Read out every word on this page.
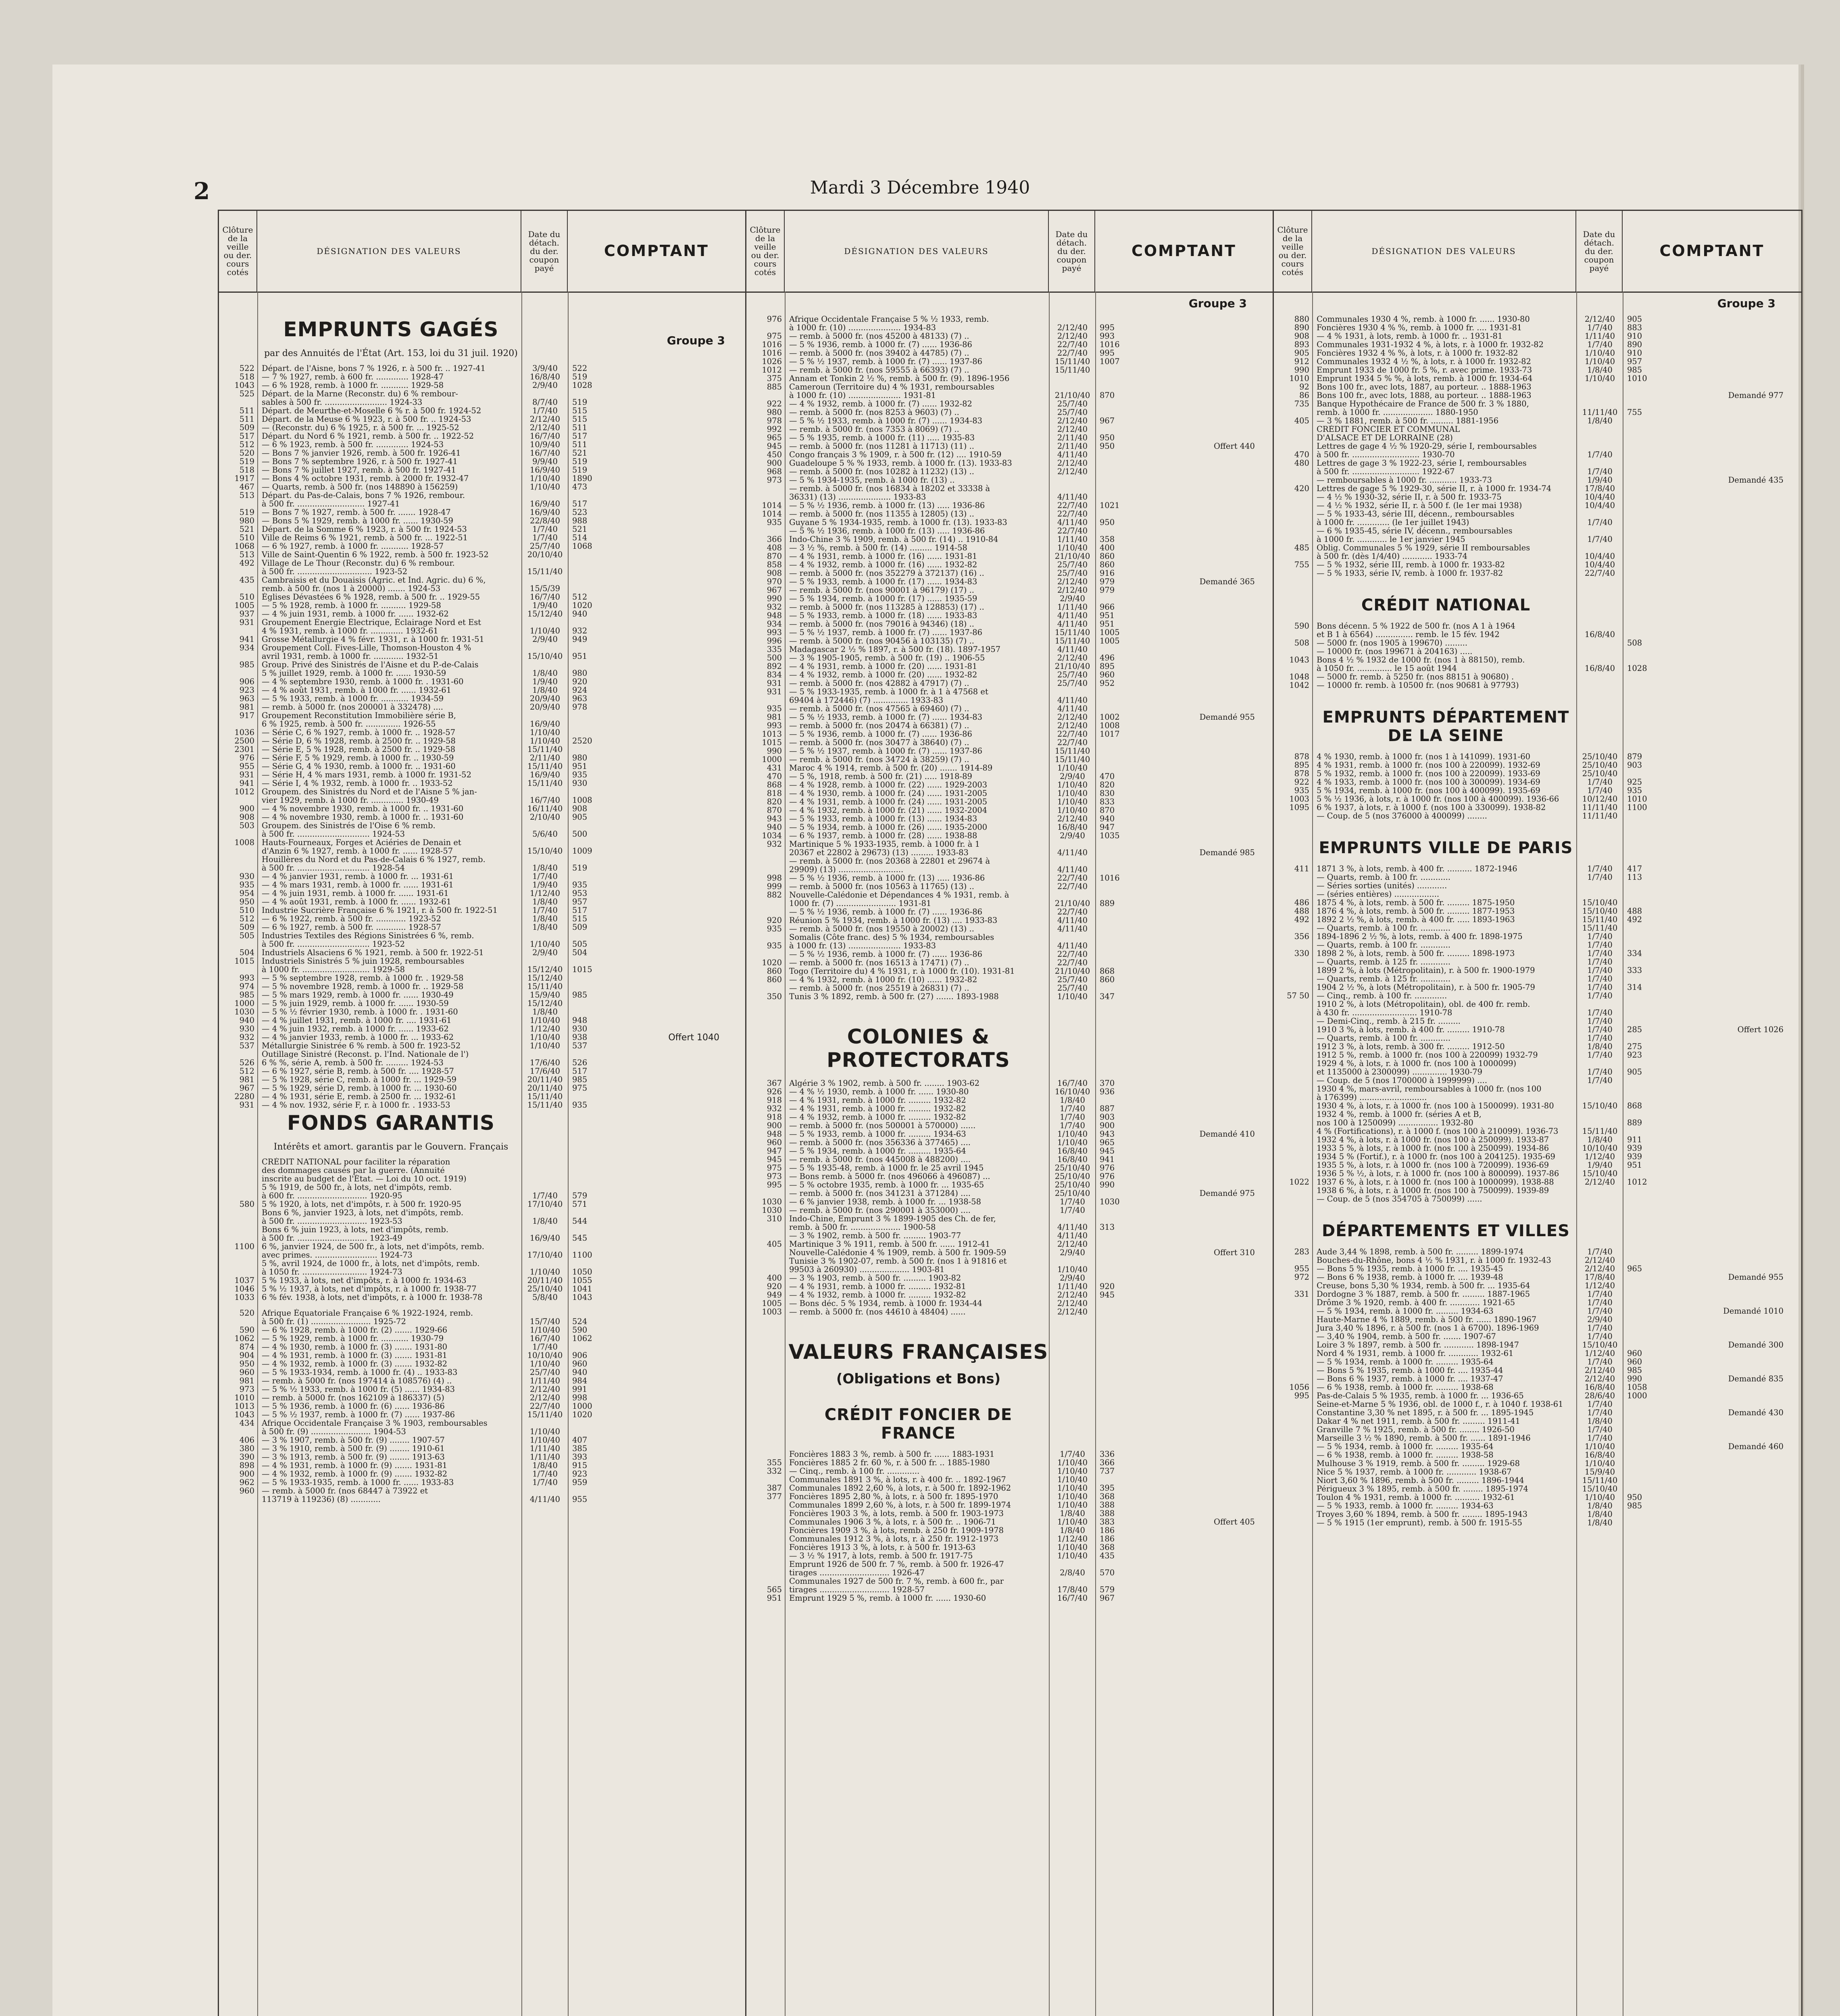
2	Mardi 3 Décembre 1940
Clôture de la veille ou der. cours cotés
DÉSIGNATION DES VALEURS
Date du détach. du der. coupon payé
COMPTANT
EMPRUNTS GAGÉS
par des Annuités de l'État (Art. 153, loi du 31 juil. 1920)
Groupe 3
522 Départ. de l'Aisne, bons 7 % 1926, r. à 500 fr. .. 1927-41	3/9/40	522
518 — 7 % 1927, remb. à 600 fr. ............. 1928-47	16/8/40	519
1043 — 6 % 1928, remb. à 1000 fr. ........... 1929-58	2/9/40	1028
525 Départ. de la Marne (Reconstr. du) 6 % rembour-
sables à 500 fr. ......................... 1924-33	8/7/40	519
511 Départ. de Meurthe-et-Moselle 6 % r. à 500 fr. 1924-52	1/7/40	515
511 Départ. de la Meuse 6 % 1923, r. à 500 fr. .. 1924-53	2/12/40	515
509 — (Reconstr. du) 6 % 1925, r. à 500 fr. ... 1925-52	2/12/40	511
517 Départ. du Nord 6 % 1921, remb. à 500 fr. .. 1922-52	16/7/40	517
512 — 6 % 1923, remb. à 500 fr. ............. 1924-53	10/9/40	511
520 — Bons 7 % janvier 1926, remb. à 500 fr. 1926-41	16/7/40	521
519 — Bons 7 % septembre 1926, r. à 500 fr. 1927-41	9/9/40	519
518 — Bons 7 % juillet 1927, remb. à 500 fr. 1927-41	16/9/40	519
1917 — Bons 4 % octobre 1931, remb. à 2000 fr. 1932-47	1/10/40	1890
467 — Quarts, remb. à 500 fr. (nos 148890 à 156259)	1/10/40	473
513 Départ. du Pas-de-Calais, bons 7 % 1926, rembour.
à 500 fr. ........................... 1927-41	16/9/40	517
519 — Bons 7 % 1927, remb. à 500 fr. ....... 1928-47	16/9/40	523
980 — Bons 5 % 1929, remb. à 1000 fr. ...... 1930-59	22/8/40	988
521 Départ. de la Somme 6 % 1923, r. à 500 fr. 1924-53	1/7/40	521
510 Ville de Reims 6 % 1921, remb. à 500 fr. ... 1922-51	1/7/40	514
1068 — 6 % 1927, remb. à 1000 fr. ........... 1928-57	25/7/40	1068
513 Ville de Saint-Quentin 6 % 1922, remb. à 500 fr. 1923-52	20/10/40
492 Village de Le Thour (Reconstr. du) 6 % rembour.
à 500 fr. .............................. 1923-52	15/11/40
435 Cambraisis et du Douaisis (Agric. et Ind. Agric. du) 6 %,
remb. à 500 fr. (nos 1 à 20000) ....... 1924-53	15/5/39
510 Églises Dévastées 6 % 1928, remb. à 500 fr. .. 1929-55	16/7/40	512
1005 — 5 % 1928, remb. à 1000 fr. .......... 1929-58	1/9/40	1020
937 — 4 % juin 1931, remb. à 1000 fr. ...... 1932-62	15/12/40	940
931 Groupement Énergie Électrique, Éclairage Nord et Est
4 % 1931, remb. à 1000 fr. ............. 1932-61	1/10/40	932
941 Grosse Métallurgie 4 % févr. 1931, r. à 1000 fr. 1931-51	2/9/40	949
934 Groupement Coll. Fives-Lille, Thomson-Houston 4 %
avril 1931, remb. à 1000 fr. ............ 1932-51	15/10/40	951
985 Group. Privé des Sinistrés de l'Aisne et du P.-de-Calais
5 % juillet 1929, remb. à 1000 fr. ...... 1930-59	1/8/40	980
906 — 4 % septembre 1930, remb. à 1000 fr. . 1931-60	1/9/40	920
923 — 4 % août 1931, remb. à 1000 fr. ...... 1932-61	1/8/40	924
963 — 5 % 1933, remb. à 1000 fr. ........... 1934-59	20/9/40	963
981 — remb. à 5000 fr. (nos 200001 à 332478) ....	20/9/40	978
917 Groupement Reconstitution Immobilière série B,
6 % 1925, remb. à 500 fr. .............. 1926-55	16/9/40
1036 — Série C, 6 % 1927, remb. à 1000 fr. .. 1928-57	1/10/40
2500 — Série D, 6 % 1928, remb. à 2500 fr. .. 1929-58	1/10/40	2520
2301 — Série E, 5 % 1928, remb. à 2500 fr. .. 1929-58	15/11/40
976 — Série F, 5 % 1929, remb. à 1000 fr. .. 1930-59	2/11/40	980
955 — Série G, 4 % 1930, remb. à 1000 fr. .. 1931-60	15/11/40	951
931 — Série H, 4 % mars 1931, remb. à 1000 fr. 1931-52	16/9/40	935
941 — Série I, 4 % 1932, remb. à 1000 fr. .. 1933-52	15/11/40	930
1012 Groupem. des Sinistrés du Nord et de l'Aisne 5 % jan-
vier 1929, remb. à 1000 fr. ............. 1930-49	16/7/40	1008
900 — 4 % novembre 1930, remb. à 1000 fr. .. 1931-60	16/11/40	908
908 — 4 % novembre 1930, remb. à 1000 fr. .. 1931-60	2/10/40	905
503 Groupem. des Sinistrés de l'Oise 6 % remb.
à 500 fr. ............................. 1924-53	5/6/40	500
1008 Hauts-Fourneaux, Forges et Aciéries de Denain et
d'Anzin 6 % 1927, remb. à 1000 fr. ...... 1928-57	15/10/40	1009
Houillères du Nord et du Pas-de-Calais 6 % 1927, remb.
à 500 fr. ............................. 1928-54	1/8/40	519
930 — 4 % janvier 1931, remb. à 1000 fr. ... 1931-61	1/7/40
935 — 4 % mars 1931, remb. à 1000 fr. ...... 1931-61	1/9/40	935
954 — 4 % juin 1931, remb. à 1000 fr. ...... 1931-61	1/12/40	953
950 — 4 % août 1931, remb. à 1000 fr. ...... 1932-61	1/8/40	957
510 Industrie Sucrière Française 6 % 1921, r. à 500 fr. 1922-51	1/7/40	517
512 — 6 % 1922, remb. à 500 fr. ............ 1923-52	1/8/40	515
509 — 6 % 1927, remb. à 500 fr. ............ 1928-57	1/8/40	509
505 Industries Textiles des Régions Sinistrées 6 %, remb.
à 500 fr. ............................. 1923-52	1/10/40	505
504 Industriels Alsaciens 6 % 1921, remb. à 500 fr. 1922-51	2/9/40	504
1015 Industriels Sinistrés 5 % juin 1928, remboursables
à 1000 fr. ........................... 1929-58	15/12/40	1015
993 — 5 % septembre 1928, remb. à 1000 fr. . 1929-58	15/12/40
974 — 5 % novembre 1928, remb. à 1000 fr. .. 1929-58	15/11/40
985 — 5 % mars 1929, remb. à 1000 fr. ...... 1930-49	15/9/40	985
1000 — 5 % juin 1929, remb. à 1000 fr. ...... 1930-59	15/12/40
1030 — 5 % ½ février 1930, remb. à 1000 fr. . 1931-60	1/8/40
940 — 4 % juillet 1931, remb. à 1000 fr. .... 1931-61	1/10/40	948
930 — 4 % juin 1932, remb. à 1000 fr. ...... 1933-62	1/12/40	930
932 — 4 % janvier 1933, remb. à 1000 fr. ... 1933-62	1/10/40	938
537 Métallurgie Sinistrée 6 % remb. à 500 fr. 1923-52	1/10/40	537
Outillage Sinistré (Reconst. p. l'Ind. Nationale de l')
526 6 % %, série A, remb. à 500 fr. ......... 1924-53	17/6/40	526
512 — 6 % 1927, série B, remb. à 500 fr. .... 1928-57	17/6/40	517
981 — 5 % 1928, série C, remb. à 1000 fr. ... 1929-59	20/11/40	985
967 — 5 % 1929, série D, remb. à 1000 fr. ... 1930-60	20/11/40	975
2280 — 4 % 1931, série E, remb. à 2500 fr. ... 1932-61	15/11/40
931 — 4 % nov. 1932, série F, r. à 1000 fr. . 1933-53	15/11/40	935
Offert 1040
FONDS GARANTIS
Intérêts et amort. garantis par le Gouvern. Français
CRÉDIT NATIONAL pour faciliter la réparation
des dommages causés par la guerre. (Annuité
inscrite au budget de l'État. — Loi du 10 oct. 1919)
5 % 1919, de 500 fr., à lots, net d'impôts, remb.
à 600 fr. ............................ 1920-95	1/7/40	579
580 5 % 1920, à lots, net d'impôts, r. à 500 fr. 1920-95	17/10/40	571
Bons 6 %, janvier 1923, à lots, net d'impôts, remb.
à 500 fr. ............................ 1923-53	1/8/40	544
Bons 6 % juin 1923, à lots, net d'impôts, remb.
à 500 fr. ............................ 1923-49	16/9/40	545
1100 6 %, janvier 1924, de 500 fr., à lots, net d'impôts, remb.
avec primes. ......................... 1924-73	17/10/40	1100
5 %, avril 1924, de 1000 fr., à lots, net d'impôts, remb.
à 1050 fr. .......................... 1924-73	1/10/40	1050
1037 5 % 1933, à lots, net d'impôts, r. à 1000 fr. 1934-63	20/11/40	1055
1046 5 % ½ 1937, à lots, net d'impôts, r. à 1000 fr. 1938-77	25/10/40	1041
1033 6 % fév. 1938, à lots, net d'impôts, r. à 1000 fr. 1938-78	5/8/40	1043
520 Afrique Équatoriale Française 6 % 1922-1924, remb.
à 500 fr. (1) ........................ 1925-72	15/7/40	524
590 — 6 % 1928, remb. à 1000 fr. (2) ....... 1929-66	1/10/40	590
1062 — 5 % 1929, remb. à 1000 fr. ........... 1930-79	16/7/40	1062
874 — 4 % 1930, remb. à 1000 fr. (3) ....... 1931-80	1/7/40
904 — 4 % 1931, remb. à 1000 fr. (3) ....... 1931-81	10/10/40	906
950 — 4 % 1932, remb. à 1000 fr. (3) ....... 1932-82	1/10/40	960
960 — 5 % 1933-1934, remb. à 1000 fr. (4) .. 1933-83	25/7/40	940
981 — remb. à 5000 fr. (nos 197414 à 108576) (4) ..	1/11/40	984
973 — 5 % ½ 1933, remb. à 1000 fr. (5) ...... 1934-83	2/12/40	991
1010 — remb. à 5000 fr. (nos 162109 à 186337) (5)	2/12/40	998
1013 — 5 % 1936, remb. à 1000 fr. (6) ...... 1936-86	22/7/40	1000
1043 — 5 % ½ 1937, remb. à 1000 fr. (7) ...... 1937-86	15/11/40	1020
434 Afrique Occidentale Française 3 % 1903, remboursables
à 500 fr. (9) ........................ 1904-53	1/10/40
406 — 3 % 1907, remb. à 500 fr. (9) ........ 1907-57	1/10/40	407
380 — 3 % 1910, remb. à 500 fr. (9) ........ 1910-61	1/11/40	385
390 — 3 % 1913, remb. à 500 fr. (9) ........ 1913-63	1/11/40	393
898 — 4 % 1931, remb. à 1000 fr. (9) ....... 1931-81	1/8/40	915
900 — 4 % 1932, remb. à 1000 fr. (9) ....... 1932-82	1/7/40	923
962 — 5 % 1933-1935, remb. à 1000 fr. ...... 1933-83	1/7/40	959
960 — remb. à 5000 fr. (nos 68447 à 73922 et
113719 à 119236) (8) ............	4/11/40	955
Clôture de la veille ou der. cours cotés
DÉSIGNATION DES VALEURS
Date du détach. du der. coupon payé
COMPTANT
Groupe 3
976 Afrique Occidentale Française 5 % ½ 1933, remb.
à 1000 fr. (10) ..................... 1934-83	2/12/40	995
975 — remb. à 5000 fr. (nos 45200 à 48133) (7) ..	2/12/40	993
1016 — 5 % 1936, remb. à 1000 fr. (7) ...... 1936-86	22/7/40	1016
1016 — remb. à 5000 fr. (nos 39402 à 44785) (7) ..	22/7/40	995
1026 — 5 % ½ 1937, remb. à 1000 fr. (7) ...... 1937-86	15/11/40	1007
1012 — remb. à 5000 fr. (nos 59555 à 66393) (7) ..	15/11/40
375 Annam et Tonkin 2 ½ %, remb. à 500 fr. (9). 1896-1956
885 Cameroun (Territoire du) 4 % 1931, remboursables
à 1000 fr. (10) ..................... 1931-81	21/10/40	870
922 — 4 % 1932, remb. à 1000 fr. (7) ...... 1932-82	25/7/40
980 — remb. à 5000 fr. (nos 8253 à 9603) (7) ..	25/7/40
978 — 5 % ½ 1933, remb. à 1000 fr. (7) ...... 1934-83	2/12/40	967
992 — remb. à 5000 fr. (nos 7353 à 8069) (7) ..	2/12/40
965 — 5 % 1935, remb. à 1000 fr. (11) ..... 1935-83	2/11/40	950
945 — remb. à 5000 fr. (nos 11281 à 11713) (11) ..	2/11/40	950	Offert 440
450 Congo français 3 % 1909, r. à 500 fr. (12) .... 1910-59	4/11/40
900 Guadeloupe 5 % % 1933, remb. à 1000 fr. (13). 1933-83	2/12/40
968 — remb. à 5000 fr. (nos 10282 à 11232) (13) ..	2/12/40
973 — 5 % 1934-1935, remb. à 1000 fr. (13) ..
— remb. à 5000 fr. (nos 16834 à 18202 et 33338 à
36331) (13) ..................... 1933-83	4/11/40
1014 — 5 % ½ 1936, remb. à 1000 fr. (13) ..... 1936-86	22/7/40	1021
1014 — remb. à 5000 fr. (nos 11355 à 12805) (13) ..	22/7/40
935 Guyane 5 % 1934-1935, remb. à 1000 fr. (13). 1933-83	4/11/40	950
— 5 % ½ 1936, remb. à 1000 fr. (13) ..... 1936-86	22/7/40
366 Indo-Chine 3 % 1909, remb. à 500 fr. (14) .. 1910-84	1/11/40	358
408 — 3 ½ %, remb. à 500 fr. (14) ......... 1914-58	1/10/40	400
870 — 4 % 1931, remb. à 1000 fr. (16) ...... 1931-81	21/10/40	860
858 — 4 % 1932, remb. à 1000 fr. (16) ...... 1932-82	25/7/40	860
908 — remb. à 5000 fr. (nos 352279 à 372137) (16) ..	25/7/40	916
970 — 5 % 1933, remb. à 1000 fr. (17) ...... 1934-83	2/12/40	979	Demandé 365
967 — remb. à 5000 fr. (nos 90001 à 96179) (17) ..	2/12/40	979
990 — 5 % 1934, remb. à 1000 fr. (17) ...... 1935-59	2/9/40
932 — remb. à 5000 fr. (nos 113285 à 128853) (17) ..	1/11/40	966
948 — 5 % 1933, remb. à 1000 fr. (18) ...... 1933-83	4/11/40	951
934 — remb. à 5000 fr. (nos 79016 à 94346) (18) ..	4/11/40	951
993 — 5 % ½ 1937, remb. à 1000 fr. (7) ...... 1937-86	15/11/40	1005
996 — remb. à 5000 fr. (nos 90456 à 103135) (7) ..	15/11/40	1005
335 Madagascar 2 ½ % 1897, r. à 500 fr. (18). 1897-1957	4/11/40
500 — 3 % 1905-1905, remb. à 500 fr. (19) .. 1906-55	2/12/40	496
892 — 4 % 1931, remb. à 1000 fr. (20) ...... 1931-81	21/10/40	895
834 — 4 % 1932, remb. à 1000 fr. (20) ...... 1932-82	25/7/40	960
931 — remb. à 5000 fr. (nos 42882 à 47917) (7) ..	25/7/40	952
931 — 5 % 1933-1935, remb. à 1000 fr. à 1 à 47568 et
69404 à 172446) (7) .............. 1933-83	4/11/40
935 — remb. à 5000 fr. (nos 47565 à 69460) (7) ..	4/11/40
981 — 5 % ½ 1933, remb. à 1000 fr. (7) ...... 1934-83	2/12/40	1002	Demandé 955
993 — remb. à 5000 fr. (nos 20474 à 66381) (7) ..	2/12/40	1008
1013 — 5 % 1936, remb. à 1000 fr. (7) ...... 1936-86	22/7/40	1017
1015 — remb. à 5000 fr. (nos 30477 à 38640) (7) ..	22/7/40
990 — 5 % ½ 1937, remb. à 1000 fr. (7) ...... 1937-86	15/11/40
1000 — remb. à 5000 fr. (nos 34724 à 38259) (7) ..	15/11/40
431 Maroc 4 % 1914, remb. à 500 fr. (20) ....... 1914-89	1/10/40
470 — 5 %, 1918, remb. à 500 fr. (21) ..... 1918-89	2/9/40	470
868 — 4 % 1928, remb. à 1000 fr. (22) ...... 1929-2003	1/10/40	820
818 — 4 % 1930, remb. à 1000 fr. (24) ...... 1931-2005	1/10/40	830
820 — 4 % 1931, remb. à 1000 fr. (24) ...... 1931-2005	1/10/40	833
870 — 4 % 1932, remb. à 1000 fr. (21) ...... 1932-2004	1/10/40	870
943 — 5 % 1933, remb. à 1000 fr. (13) ...... 1934-83	2/12/40	940
940 — 5 % 1934, remb. à 1000 fr. (26) ...... 1935-2000	16/8/40	947
1034 — 6 % 1937, remb. à 1000 fr. (28) ...... 1938-88	2/9/40	1035
932 Martinique 5 % 1933-1935, remb. à 1000 fr. à 1
20367 et 22802 à 29673) (13) ......... 1933-83	4/11/40	Demandé 985
— remb. à 5000 fr. (nos 20368 à 22801 et 29674 à
29909) (13) ..........................	4/11/40
998 — 5 % ½ 1936, remb. à 1000 fr. (13) ..... 1936-86	22/7/40	1016
999 — remb. à 5000 fr. (nos 10563 à 11765) (13) ..	22/7/40
882 Nouvelle-Calédonie et Dépendances 4 % 1931, remb. à
1000 fr. (7) ........................ 1931-81	21/10/40	889
— 5 % ½ 1936, remb. à 1000 fr. (7) ...... 1936-86	22/7/40
920 Réunion 5 % 1934, remb. à 1000 fr. (13) .... 1933-83	4/11/40
935 — remb. à 5000 fr. (nos 19550 à 20002) (13) ..	4/11/40
Somalis (Côte franc. des) 5 % 1934, remboursables
935 à 1000 fr. (13) ..................... 1933-83	4/11/40
— 5 % ½ 1936, remb. à 1000 fr. (7) ...... 1936-86	22/7/40
1020 — remb. à 5000 fr. (nos 16513 à 17471) (7) ..	22/7/40
860 Togo (Territoire du) 4 % 1931, r. à 1000 fr. (10). 1931-81	21/10/40	868
860 — 4 % 1932, remb. à 1000 fr. (10) ...... 1932-82	25/7/40	860
— remb. à 5000 fr. (nos 25519 à 26831) (7) ..	25/7/40
350 Tunis 3 % 1892, remb. à 500 fr. (27) ....... 1893-1988	1/10/40	347
COLONIES & PROTECTORATS
367 Algérie 3 % 1902, remb. à 500 fr. ........ 1903-62	16/7/40	370
926 — 4 % ½ 1930, remb. à 1000 fr. ...... 1930-80	16/10/40	936
918 — 4 % 1931, remb. à 1000 fr. ......... 1932-82	1/8/40
932 — 4 % 1931, remb. à 1000 fr. ......... 1932-82	1/7/40	887
918 — 4 % 1932, remb. à 1000 fr. ......... 1932-82	1/7/40	903
900 — remb. à 5000 fr. (nos 500001 à 570000) ......	1/7/40	900
948 — 5 % 1933, remb. à 1000 fr. ......... 1934-63	1/10/40	943	Demandé 410
960 — remb. à 5000 fr. (nos 356336 à 377465) ....	1/10/40	965
947 — 5 % 1934, remb. à 1000 fr. ......... 1935-64	16/8/40	945
945 — remb. à 5000 fr. (nos 445008 à 488200) ....	16/8/40	941
975 — 5 % 1935-48, remb. à 1000 fr. le 25 avril 1945	25/10/40	976
973 — Bons remb. à 5000 fr. (nos 496066 à 496087) ...	25/10/40	976
995 — 5 % octobre 1935, remb. à 1000 fr. ... 1935-65	25/10/40	990
— remb. à 5000 fr. (nos 341231 à 371284) ....	25/10/40	Demandé 975
1030 — 6 % janvier 1938, remb. à 1000 fr. ... 1938-58	1/7/40	1030
1030 — remb. à 5000 fr. (nos 290001 à 353000) ....	1/7/40
310 Indo-Chine, Emprunt 3 % 1899-1905 des Ch. de fer,
remb. à 500 fr. .................... 1900-58	4/11/40	313
— 3 % 1902, remb. à 500 fr. ......... 1903-77	4/11/40
405 Martinique 3 % 1911, remb. à 500 fr. ...... 1912-41	2/12/40
Nouvelle-Calédonie 4 % 1909, remb. à 500 fr. 1909-59	2/9/40	Offert 310
Tunisie 3 % 1902-07, remb. à 500 fr. (nos 1 à 91816 et
99503 à 260930) .................... 1903-81	1/10/40
400 — 3 % 1903, remb. à 500 fr. ......... 1903-82	2/9/40
920 — 4 % 1931, remb. à 1000 fr. ......... 1932-81	1/11/40	920
949 — 4 % 1932, remb. à 1000 fr. ......... 1932-82	2/12/40	945
1005 — Bons déc. 5 % 1934, remb. à 1000 fr. 1934-44	2/12/40
1003 — remb. à 5000 fr. (nos 44610 à 48404) ......	2/12/40
VALEURS FRANÇAISES
(Obligations et Bons)
CRÉDIT FONCIER DE FRANCE
Foncières 1883 3 %, remb. à 500 fr. ...... 1883-1931	1/7/40	336
355 Foncières 1885 2 fr. 60 %, r. à 500 fr. .. 1885-1980	1/10/40	366
332 — Cinq., remb. à 100 fr. .............	1/10/40	737
Communales 1891 3 %, à lots, r. à 400 fr. .. 1892-1967	1/10/40
387 Communales 1892 2,60 %, à lots, r. à 500 fr. 1892-1962	1/10/40	395
377 Foncières 1895 2,80 %, à lots, r. à 500 fr. 1895-1970	1/10/40	368
Communales 1899 2,60 %, à lots, r. à 500 fr. 1899-1974	1/10/40	388
Foncières 1903 3 %, à lots, remb. à 500 fr. 1903-1973	1/8/40	388
Communales 1906 3 %, à lots, r. à 500 fr. .. 1906-71	1/10/40	383	Offert 405
Foncières 1909 3 %, à lots, remb. à 250 fr. 1909-1978	1/8/40	186
Communales 1912 3 %, à lots, r. à 250 fr. 1912-1973	1/12/40	186
Foncières 1913 3 %, à lots, r. à 500 fr. 1913-63	1/10/40	368
— 3 ½ % 1917, à lots, remb. à 500 fr. 1917-75	1/10/40	435
Emprunt 1926 de 500 fr. 7 %, remb. à 500 fr. 1926-47
tirages ............................ 1926-47	2/8/40	570
Communales 1927 de 500 fr. 7 %, remb. à 600 fr., par
565 tirages ............................ 1928-57	17/8/40	579
951 Emprunt 1929 5 %, remb. à 1000 fr. ...... 1930-60	16/7/40	967
Clôture de la veille ou der. cours cotés
DÉSIGNATION DES VALEURS
Date du détach. du der. coupon payé
COMPTANT
Groupe 3
880 Communales 1930 4 %, remb. à 1000 fr. ...... 1930-80	2/12/40	905
890 Foncières 1930 4 % %, remb. à 1000 fr. .... 1931-81	1/7/40	883
908 — 4 % 1931, à lots, remb. à 1000 fr. .. 1931-81	1/11/40	910
893 Communales 1931-1932 4 %, à lots, r. à 1000 fr. 1932-82	1/7/40	890
905 Foncières 1932 4 % %, à lots, r. à 1000 fr. 1932-82	1/10/40	910
912 Communales 1932 4 ½ %, à lots, r. à 1000 fr. 1932-82	1/10/40	957
990 Emprunt 1933 de 1000 fr. 5 %, r. avec prime. 1933-73	1/8/40	985
1010 Emprunt 1934 5 % %, à lots, remb. à 1000 fr. 1934-64	1/10/40	1010
92 Bons 100 fr., avec lots, 1887, au porteur. .. 1888-1963
86 Bons 100 fr., avec lots, 1888, au porteur. .. 1888-1963	Demandé 977
735 Banque Hypothécaire de France de 500 fr. 3 % 1880,
remb. à 1000 fr. .................... 1880-1950	11/11/40	755
405 — 3 % 1881, remb. à 500 fr. ......... 1881-1956	1/8/40
CRÉDIT FONCIER ET COMMUNAL
D'ALSACE ET DE LORRAINE (28)
Lettres de gage 4 ½ % 1920-29, série I, remboursables
470 à 500 fr. ........................... 1930-70	1/7/40
480 Lettres de gage 3 % 1922-23, série I, remboursables
à 500 fr. ........................... 1922-67	1/7/40
— remboursables à 1000 fr. ........... 1933-73	1/9/40	Demandé 435
420 Lettres de gage 5 % 1929-30, série II, r. à 1000 fr. 1934-74	17/8/40
— 4 ½ % 1930-32, série II, r. à 500 fr. 1933-75	10/4/40
— 4 ½ % 1932, série II, r. à 500 f. (le 1er mai 1938)	10/4/40
— 5 % 1933-43, série III, décenn., remboursables
à 1000 fr. ............. (le 1er juillet 1943)	1/7/40
— 6 % 1935-45, série IV, décenn., remboursables
à 1000 fr. ............ le 1er janvier 1945	1/7/40
485 Oblig. Communales 5 % 1929, série II remboursables
à 500 fr. (dès 1/4/40) ............ 1933-74	10/4/40
755 — 5 % 1932, série III, remb. à 1000 fr. 1933-82	10/4/40
— 5 % 1933, série IV, remb. à 1000 fr. 1937-82	22/7/40
CRÉDIT NATIONAL
590 Bons décenn. 5 % 1922 de 500 fr. (nos A 1 à 1964
et B 1 à 6564) ............... remb. le 15 fév. 1942	16/8/40
508 — 5000 fr. (nos 1905 à 199670) .........	508
— 10000 fr. (nos 199671 à 204163) .....
1043 Bons 4 ½ % 1932 de 1000 fr. (nos 1 à 88150), remb.
à 1050 fr. .............. le 15 août 1944	16/8/40	1028
1048 — 5000 fr. remb. à 5250 fr. (nos 88151 à 90680) .
1042 — 10000 fr. remb. à 10500 fr. (nos 90681 à 97793)
EMPRUNTS DÉPARTEMENT DE LA SEINE
878 4 % 1930, remb. à 1000 fr. (nos 1 à 141099). 1931-60	25/10/40	879
895 4 % 1931, remb. à 1000 fr. (nos 100 à 220099). 1932-69	25/10/40	903
878 5 % 1932, remb. à 1000 fr. (nos 100 à 220099). 1933-69	25/10/40
922 4 % 1933, remb. à 1000 fr. (nos 100 à 300099). 1934-69	1/7/40	925
935 5 % 1934, remb. à 1000 fr. (nos 100 à 400099). 1935-69	1/7/40	935
1003 5 % ½ 1936, à lots, r. à 1000 fr. (nos 100 à 400099). 1936-66	10/12/40	1010
1095 6 % 1937, à lots, r. à 1000 f. (nos 100 à 330099). 1938-82	11/11/40	1100
— Coup. de 5 (nos 376000 à 400099) ........	11/11/40
EMPRUNTS VILLE DE PARIS
411 1871 3 %, à lots, remb. à 400 fr. .......... 1872-1946	1/7/40	417
— Quarts, remb. à 100 fr. ............	1/7/40	113
— Séries sorties (unités) ............
— (séries entières) ..................
486 1875 4 %, à lots, remb. à 500 fr. ......... 1875-1950	15/10/40
488 1876 4 %, à lots, remb. à 500 fr. ......... 1877-1953	15/10/40	488
492 1892 2 ½ %, à lots, remb. à 400 fr. ..... 1893-1963	15/11/40	492
— Quarts, remb. à 100 fr. ............	15/11/40
356 1894-1896 2 ½ %, à lots, remb. à 400 fr. 1898-1975	1/7/40
— Quarts, remb. à 100 fr. ............	1/7/40
330 1898 2 %, à lots, remb. à 500 fr. ......... 1898-1973	1/7/40	334
— Quarts, remb. à 125 fr. ............	1/7/40
1899 2 %, à lots (Métropolitain), r. à 500 fr. 1900-1979	1/7/40	333
— Quarts, remb. à 125 fr. ............	1/7/40
1904 2 ½ %, à lots (Métropolitain), r. à 500 fr. 1905-79	1/7/40	314
57 50 — Cinq., remb. à 100 fr. .............	1/7/40
1910 2 %, à lots (Métropolitain), obl. de 400 fr. remb.
à 430 fr. .......................... 1910-78	1/7/40
— Demi-Cinq., remb. à 215 fr. .........	1/7/40
1910 3 %, à lots, remb. à 400 fr. ......... 1910-78	1/7/40	285	Offert 1026
— Quarts, remb. à 100 fr. ............	1/7/40
1912 3 %, à lots, remb. à 300 fr. ......... 1912-50	1/8/40	275
1912 5 %, remb. à 1000 fr. (nos 100 à 220099) 1932-79	1/7/40	923
1929 4 %, à lots, r. à 1000 fr. (nos 100 à 1000099)
et 1135000 à 2300099) .............. 1930-79	1/7/40	905
— Coup. de 5 (nos 1700000 à 1999999) ....	1/7/40
1930 4 %, mars-avril, remboursables à 1000 fr. (nos 100
à 176399) ...........................
1930 4 %, à lots, r. à 1000 fr. (nos 100 à 1500099). 1931-80	15/10/40	868
1932 4 %, remb. à 1000 fr. (séries A et B,
nos 100 à 1250099) ................ 1932-80	889
4 % (Fortifications), r. à 1000 f. (nos 100 à 210099). 1936-73	15/11/40
1932 4 %, à lots, r. à 1000 fr. (nos 100 à 250099). 1933-87	1/8/40	911
1933 5 %, à lots, r. à 1000 fr. (nos 100 à 250099). 1934-86	10/10/40	939
1934 5 % (Fortif.), r. à 1000 fr. (nos 100 à 204125). 1935-69	1/12/40	939
1935 5 %, à lots, r. à 1000 fr. (nos 100 à 720099). 1936-69	1/9/40	951
1936 5 % ½, à lots, r. à 1000 fr. (nos 100 à 800099). 1937-86	15/10/40
1022 1937 6 %, à lots, r. à 1000 fr. (nos 100 à 1000099). 1938-88	2/12/40	1012
1938 6 %, à lots, r. à 1000 fr. (nos 100 à 750099). 1939-89
— Coup. de 5 (nos 354705 à 750099) ......
DÉPARTEMENTS ET VILLES
283 Aude 3,44 % 1898, remb. à 500 fr. ......... 1899-1974	1/7/40
Bouches-du-Rhône, bons 4 ½ % 1931, r. à 1000 fr. 1932-43	2/12/40
955 — Bons 5 % 1935, remb. à 1000 fr. .... 1935-45	2/12/40	965
972 — Bons 6 % 1938, remb. à 1000 fr. .... 1939-48	17/8/40	Demandé 955
Creuse, bons 5,30 % 1934, remb. à 500 fr. ... 1935-64	1/12/40
331 Dordogne 3 % 1887, remb. à 500 fr. ......... 1887-1965	1/7/40
Drôme 3 % 1920, remb. à 400 fr. ............ 1921-65	1/7/40
— 5 % 1934, remb. à 1000 fr. ......... 1934-63	1/7/40	Demandé 1010
Haute-Marne 4 % 1889, remb. à 500 fr. ...... 1890-1967	2/9/40
Jura 3,40 % 1896, r. à 500 fr. (nos 1 à 6700). 1896-1969	1/7/40
— 3,40 % 1904, remb. à 500 fr. ....... 1907-67	1/7/40
Loire 3 % 1897, remb. à 500 fr. ............ 1898-1947	15/10/40	Demandé 300
Nord 4 % 1931, remb. à 1000 fr. ............ 1932-61	1/12/40	960
— 5 % 1934, remb. à 1000 fr. ......... 1935-64	1/7/40	960
— Bons 5 % 1935, remb. à 1000 fr. .... 1935-44	2/12/40	985
— Bons 6 % 1937, remb. à 1000 fr. .... 1937-47	2/12/40	990	Demandé 835
1056 — 6 % 1938, remb. à 1000 fr. ......... 1938-68	16/8/40	1058
995 Pas-de-Calais 5 % 1935, remb. à 1000 fr. ... 1936-65	28/6/40	1000
Seine-et-Marne 5 % 1936, obl. de 1000 f., r. à 1040 f. 1938-61	1/7/40
Constantine 3,30 % net 1895, r. à 500 fr. ... 1895-1945	1/7/40	Demandé 430
Dakar 4 % net 1911, remb. à 500 fr. ......... 1911-41	1/8/40
Granville 7 % 1925, remb. à 500 fr. ........ 1926-50	1/7/40
Marseille 3 ½ % 1890, remb. à 500 fr. ...... 1891-1946	1/7/40
— 5 % 1934, remb. à 1000 fr. ......... 1935-64	1/10/40	Demandé 460
— 6 % 1938, remb. à 1000 fr. ......... 1938-58	16/8/40
Mulhouse 3 % 1919, remb. à 500 fr. ......... 1929-68	1/10/40
Nice 5 % 1937, remb. à 1000 fr. ............ 1938-67	15/9/40
Niort 3,60 % 1896, remb. à 500 fr. ......... 1896-1944	15/11/40
Périgueux 3 % 1895, remb. à 500 fr. ........ 1895-1974	15/10/40
Toulon 4 % 1931, remb. à 1000 fr. .......... 1932-61	1/10/40	950
— 5 % 1933, remb. à 1000 fr. ......... 1934-63	1/8/40	985
Troyes 3,60 % 1894, remb. à 500 fr. ........ 1895-1943	1/8/40
— 5 % 1915 (1er emprunt), remb. à 500 fr. 1915-55	1/8/40
